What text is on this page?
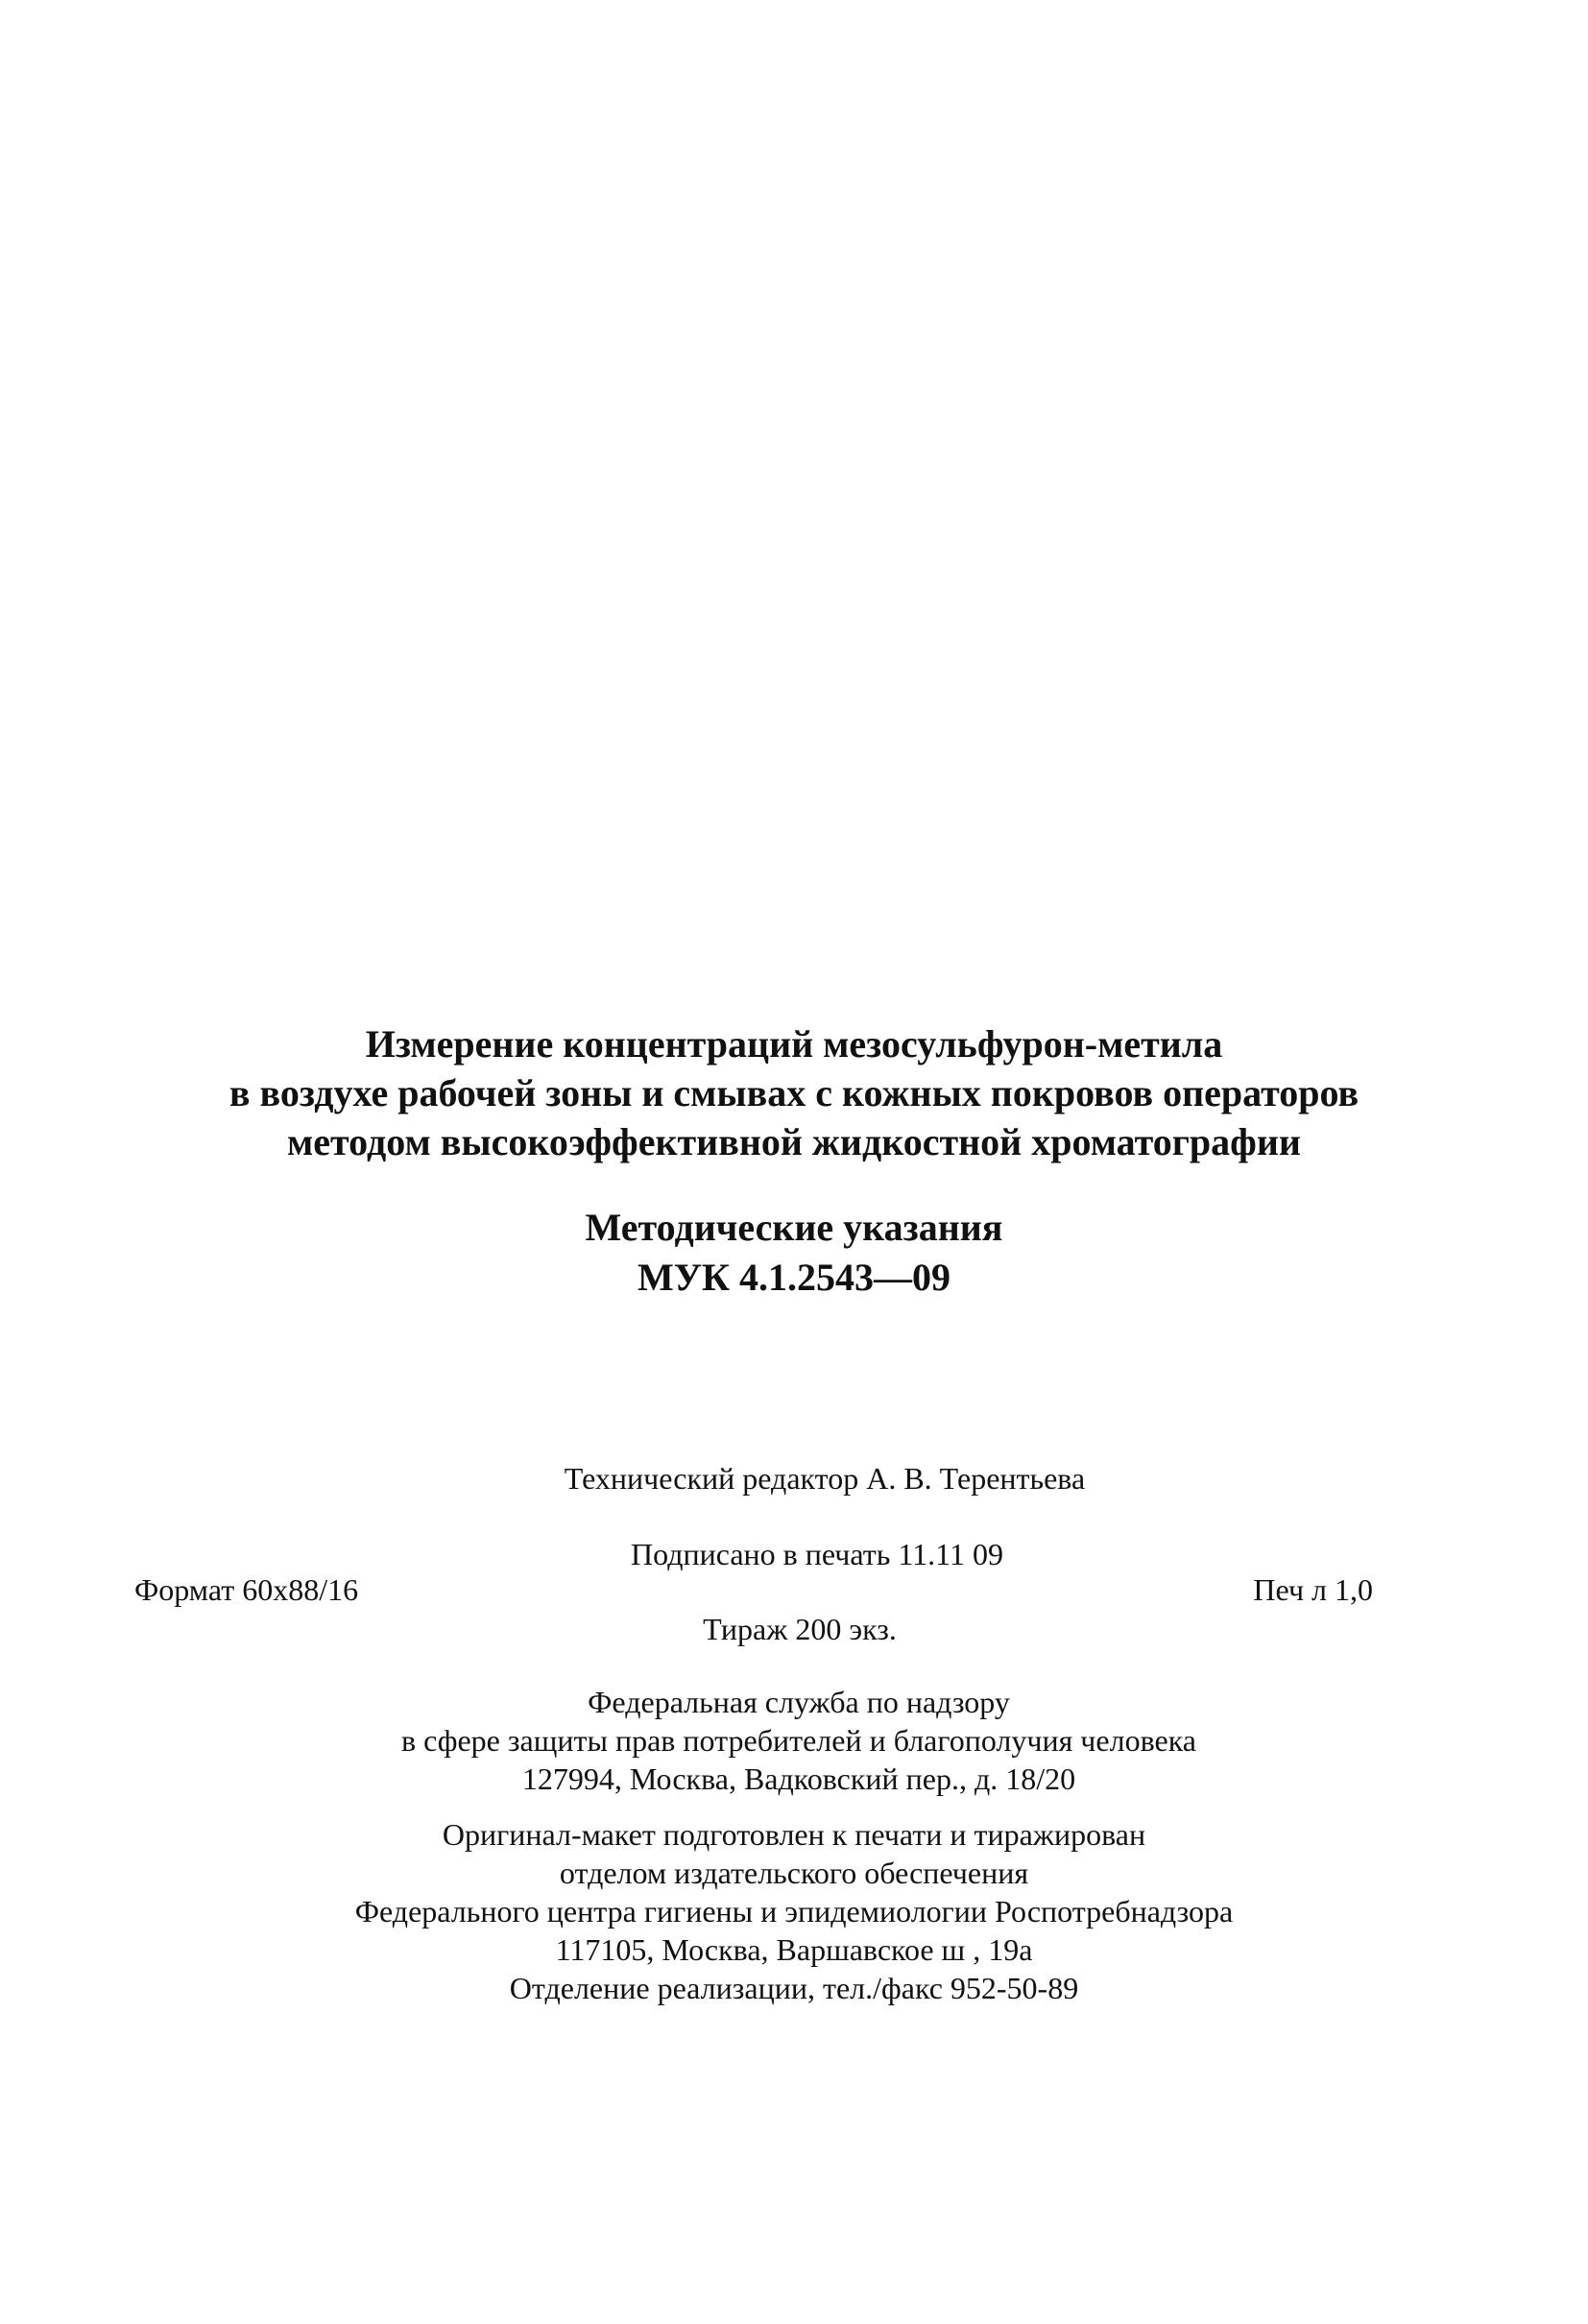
Измерение концентраций мезосульфурон-метила
в воздухе рабочей зоны и смывах с кожных покровов операторов
методом высокоэффективной жидкостной хроматографии
Методические указания
МУК 4.1.2543—09
Технический редактор А. В. Терентьева
Подписано в печать 11.11 09
Формат 60x88/16	Печ л 1,0
Тираж 200 экз.
Федеральная служба по надзору
в сфере защиты прав потребителей и благополучия человека
127994, Москва, Вадковский пер., д. 18/20
Оригинал-макет подготовлен к печати и тиражирован
отделом издательского обеспечения
Федерального центра гигиены и эпидемиологии Роспотребнадзора
117105, Москва, Варшавское ш , 19а
Отделение реализации, тел./факс 952-50-89
